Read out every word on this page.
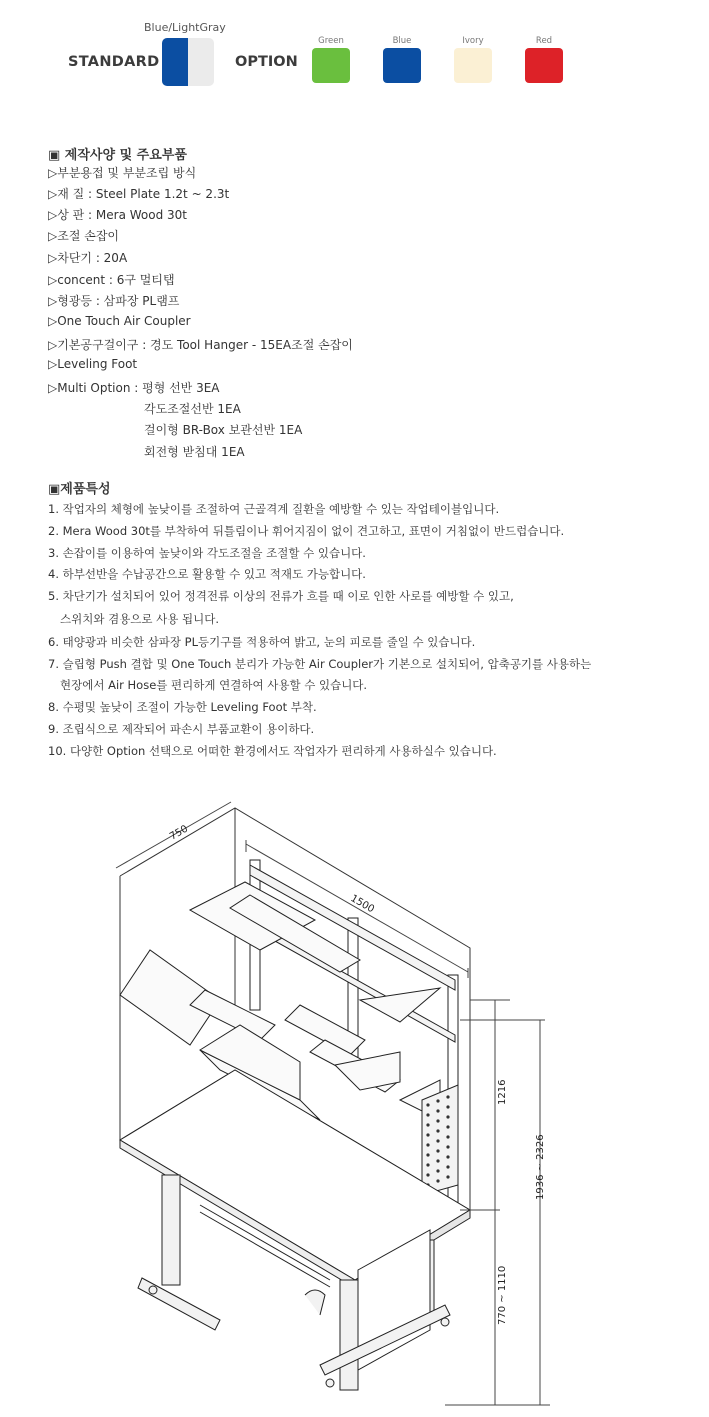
Blue/LightGray
STANDARD	OPTION
Green	Blue	Ivory	Red
▣ 제작사양 및 주요부품
▷부분용접 및 부분조립 방식
▷재 질 : Steel Plate 1.2t ~ 2.3t
▷상 판 : Mera Wood 30t
▷조절 손잡이
▷차단기 : 20A
▷concent : 6구 멀티탭
▷형광등 : 삼파장 PL램프
▷One Touch Air Coupler
▷기본공구걸이구 : 경도 Tool Hanger - 15EA조절 손잡이
▷Leveling Foot
▷Multi Option : 평형 선반 3EA
각도조절선반 1EA
걸이형 BR-Box 보관선반 1EA
회전형 받침대 1EA
▣제품특성
1. 작업자의 체형에 높낮이를 조절하여 근골격계 질환을 예방할 수 있는 작업테이블입니다.
2. Mera Wood 30t를 부착하여 뒤틀림이나 휘어지짐이 없이 견고하고, 표면이 거침없이 반드럽습니다.
3. 손잡이를 이용하여 높낮이와 각도조절을 조절할 수 있습니다.
4. 하부선반을 수납공간으로 활용할 수 있고 적재도 가능합니다.
5. 차단기가 설치되어 있어 정격전류 이상의 전류가 흐를 때 이로 인한 사로를 예방할 수 있고,
스위치와 겸용으로 사용 됩니다.
6. 태양광과 비슷한 삼파장 PL등기구를 적용하여 밝고, 눈의 피로를 줄일 수 있습니다.
7. 슬립형 Push 결합 및 One Touch 분리가 가능한 Air Coupler가 기본으로 설치되어, 압축공기를 사용하는
현장에서 Air Hose를 편리하게 연결하여 사용할 수 있습니다.
8. 수평및 높낮이 조절이 가능한 Leveling Foot 부착.
9. 조립식으로 제작되어 파손시 부품교환이 용이하다.
10. 다양한 Option 선택으로 어떠한 환경에서도 작업자가 편리하게 사용하실수 있습니다.
750
1500
1216
1936 ~ 2326
770 ~ 1110
